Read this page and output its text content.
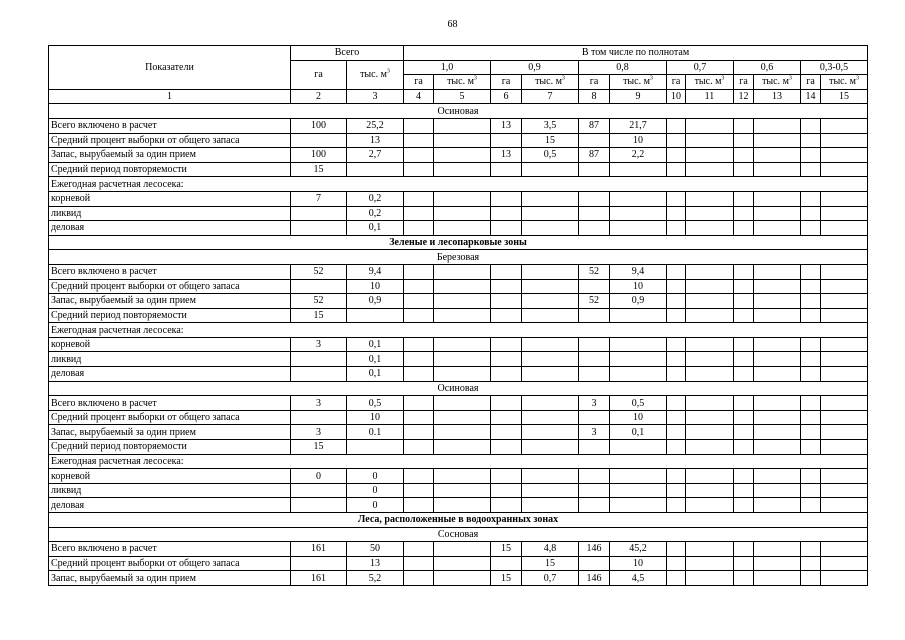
68
Показатели	Всего		В том числе по полнотам											
	га	тыс. $м^3$	1,0		0,9		0,8		0,7		0,6		0,3-0,5	
			га	тыс. $м^3$	га	тыс. $м^3$	га	тыс. $м^3$	га	тыс. $м^3$	га	тыс. $м^3$	га	тыс. $м^3$
1	2	3	4	5	6	7	8	9	10	11	12	13	14	15
Осиновая														
Всего включено в расчет	100	25,2			13	3,5	87	21,7						
Средний процент выборки от общего запаса		13				15		10						
Запас, вырубаемый за один прием	100	2,7			13	0,5	87	2,2						
Средний период повторяемости	15													
Ежегодная расчетная лесосека:														
корневой	7	0,2												
ликвид		0,2												
деловая		0,1												
Зеленые и лесопарковые зоны														
Березовая														
Всего включено в расчет	52	9,4					52	9,4						
Средний процент выборки от общего запаса		10						10						
Запас, вырубаемый за один прием	52	0,9					52	0,9						
Средний период повторяемости	15													
Ежегодная расчетная лесосека:														
корневой	3	0,1												
ликвид		0,1												
деловая		0,1												
Осиновая														
Всего включено в расчет	3	0,5					3	0,5						
Средний процент выборки от общего запаса		10						10						
Запас, вырубаемый за один прием	3	0.1					3	0,1						
Средний период повторяемости	15													
Ежегодная расчетная лесосека:														
корневой	0	0												
ликвид		0												
деловая		0												
Леса, расположенные в водоохранных зонах														
Сосновая														
Всего включено в расчет	161	50			15	4,8	146	45,2						
Средний процент выборки от общего запаса		13				15		10						
Запас, вырубаемый за один прием	161	5,2			15	0,7	146	4,5						
